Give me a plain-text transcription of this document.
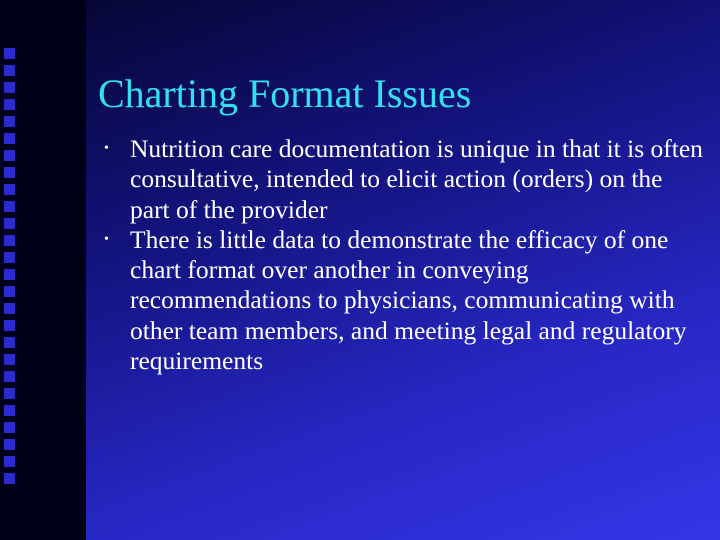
Charting Format Issues
• Nutrition care documentation is unique in that it is often consultative, intended to elicit action (orders) on the part of the provider
• There is little data to demonstrate the efficacy of one chart format over another in conveying recommendations to physicians, communicating with other team members, and meeting legal and regulatory requirements
